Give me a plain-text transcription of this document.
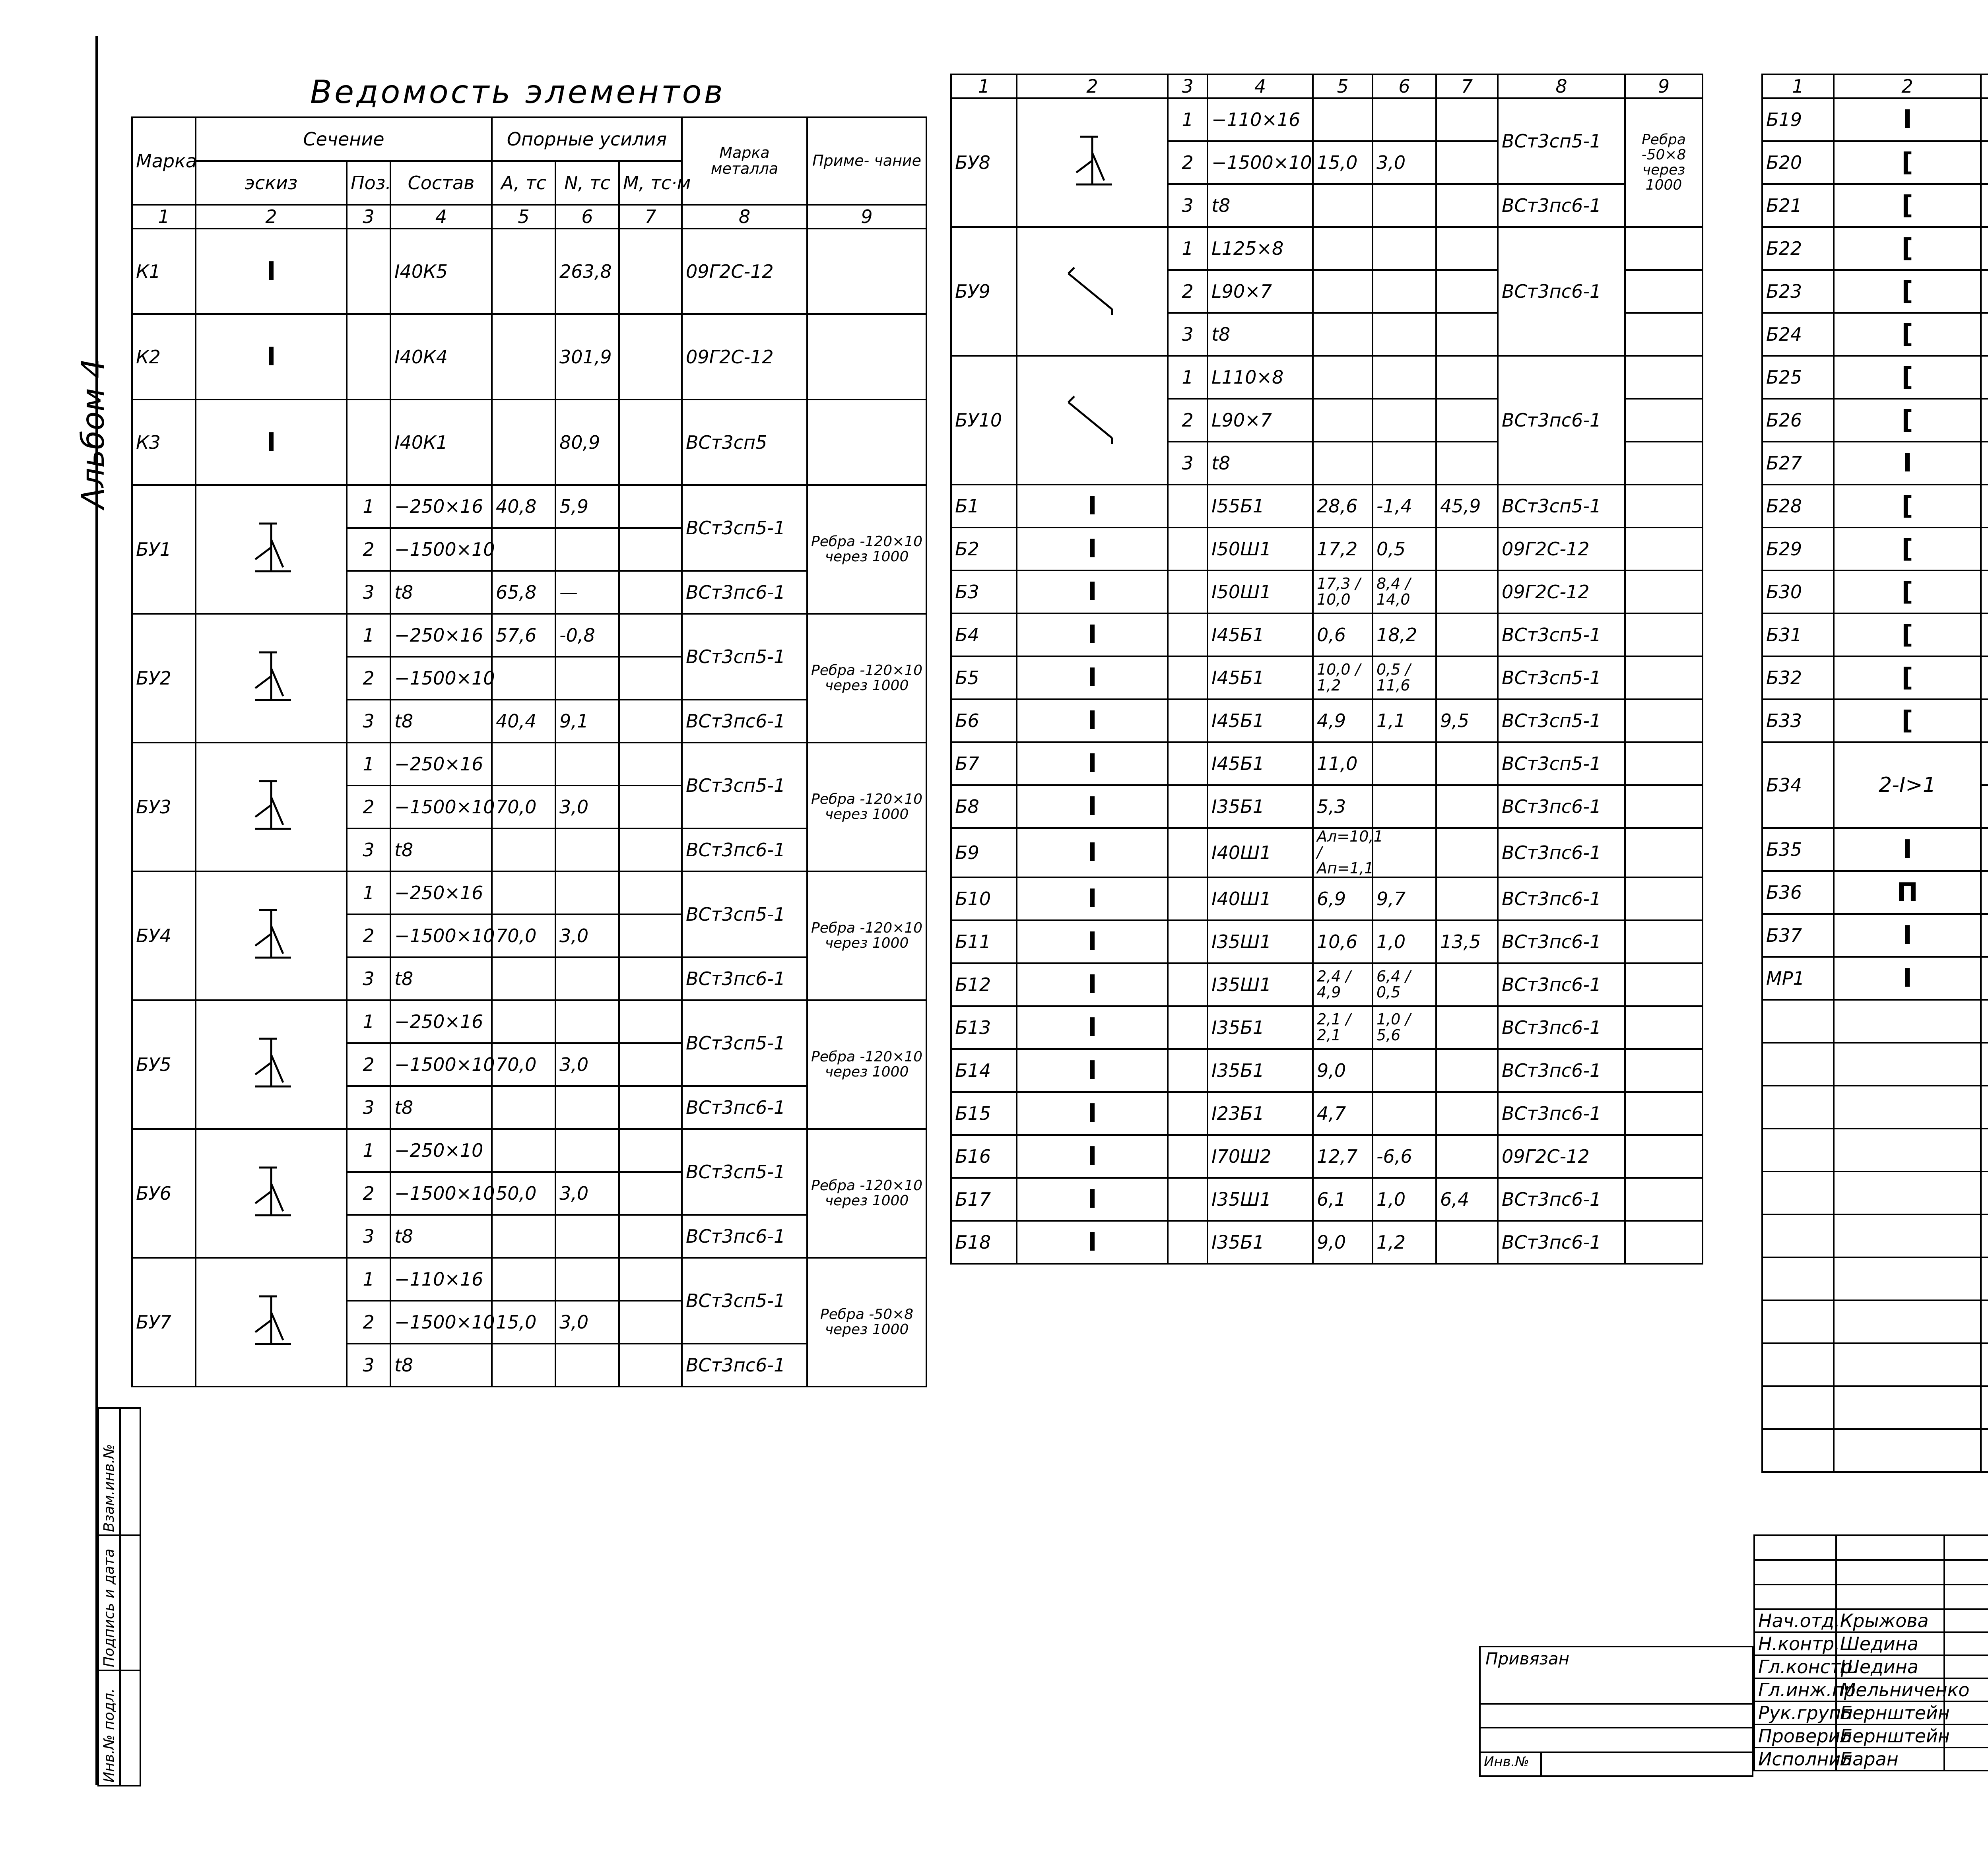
Альбом 4
Ведомость элементов

Марка	Сечение			Опорные усилия			Марка металла	Приме- чание
	эскиз	Поз.	Состав	A, тс	N, тс	M, тс·м		
1	2	3	4	5	6	7	8	9
К1	I		I40К5		263,8		09Г2С-12	
К2	I		I40К4		301,9		09Г2С-12	
К3	I		I40К1		80,9		ВСт3сп5	
БУ1		1	−250×16	40,8	5,9		ВСт3сп5-1	Ребра -120×10 через 1000
		2	−1500×10					
		3	t8	65,8	—		ВСт3пс6-1	
БУ2		1	−250×16	57,6	-0,8		ВСт3сп5-1	Ребра -120×10 через 1000
		2	−1500×10					
		3	t8	40,4	9,1		ВСт3пс6-1	
БУ3		1	−250×16				ВСт3сп5-1	Ребра -120×10 через 1000
		2	−1500×10	70,0	3,0			
		3	t8				ВСт3пс6-1	
БУ4		1	−250×16				ВСт3сп5-1	Ребра -120×10 через 1000
		2	−1500×10	70,0	3,0			
		3	t8				ВСт3пс6-1	
БУ5		1	−250×16				ВСт3сп5-1	Ребра -120×10 через 1000
		2	−1500×10	70,0	3,0			
		3	t8				ВСт3пс6-1	
БУ6		1	−250×10				ВСт3сп5-1	Ребра -120×10 через 1000
		2	−1500×10	50,0	3,0			
		3	t8				ВСт3пс6-1	
БУ7		1	−110×16				ВСт3сп5-1	Ребра -50×8 через 1000
		2	−1500×10	15,0	3,0			
		3	t8				ВСт3пс6-1	
1	2	3	4	5	6	7	8	9
БУ8		1	−110×16				ВСт3сп5-1	Ребра -50×8 через 1000
		2	−1500×10	15,0	3,0			
		3	t8				ВСт3пс6-1	
БУ9		1	L125×8				ВСт3пс6-1	
		2	L90×7					
		3	t8					
БУ10		1	L110×8				ВСт3пс6-1	
		2	L90×7					
		3	t8					
Б1	I		I55Б1	28,6	-1,4	45,9	ВСт3сп5-1	
Б2	I		I50Ш1	17,2	0,5		09Г2С-12	
Б3	I		I50Ш1	17,3 / 10,0	8,4 / 14,0		09Г2С-12	
Б4	I		I45Б1	0,6	18,2		ВСт3сп5-1	
Б5	I		I45Б1	10,0 / 1,2	0,5 / 11,6		ВСт3сп5-1	
Б6	I		I45Б1	4,9	1,1	9,5	ВСт3сп5-1	
Б7	I		I45Б1	11,0			ВСт3сп5-1	
Б8	I		I35Б1	5,3			ВСт3пс6-1	
Б9	I		I40Ш1	Aл=10,1 / Aп=1,1			ВСт3пс6-1	
Б10	I		I40Ш1	6,9	9,7		ВСт3пс6-1	
Б11	I		I35Ш1	10,6	1,0	13,5	ВСт3пс6-1	
Б12	I		I35Ш1	2,4 / 4,9	6,4 / 0,5		ВСт3пс6-1	
Б13	I		I35Б1	2,1 / 2,1	1,0 / 5,6		ВСт3пс6-1	
Б14	I		I35Б1	9,0			ВСт3пс6-1	
Б15	I		I23Б1	4,7			ВСт3пс6-1	
Б16	I		I70Ш2	12,7	-6,6		09Г2С-12	
Б17	I		I35Ш1	6,1	1,0	6,4	ВСт3пс6-1	
Б18	I		I35Б1	9,0	1,2		ВСт3пс6-1	
1	2							
Б19	I							
Б20	[							
Б21	[							
Б22	[							
Б23	[					
Б24	[							
Б25	[							
Б26	[							
Б27	I							
Б28	[							
Б29	[							
Б30	[							
Б31	[							
Б32	[							
Б33	[					
Б34	2-I>1							

Б35	I							
Б36	П					
Б37	I							
МР1	I							

Взам.инв.№	

Подпись и дата	

Инв.№ подл.	

Нач.отд.	Крыжова							
Н.контр.	Шедина							
Гл.констр.	Шедина							
Гл.инж.пр.	Мельниченко							
Рук.групп.	Бернштейн					
Проверил	Бернштейн							
Исполнил	Баран							
Привязан
Инв.№
